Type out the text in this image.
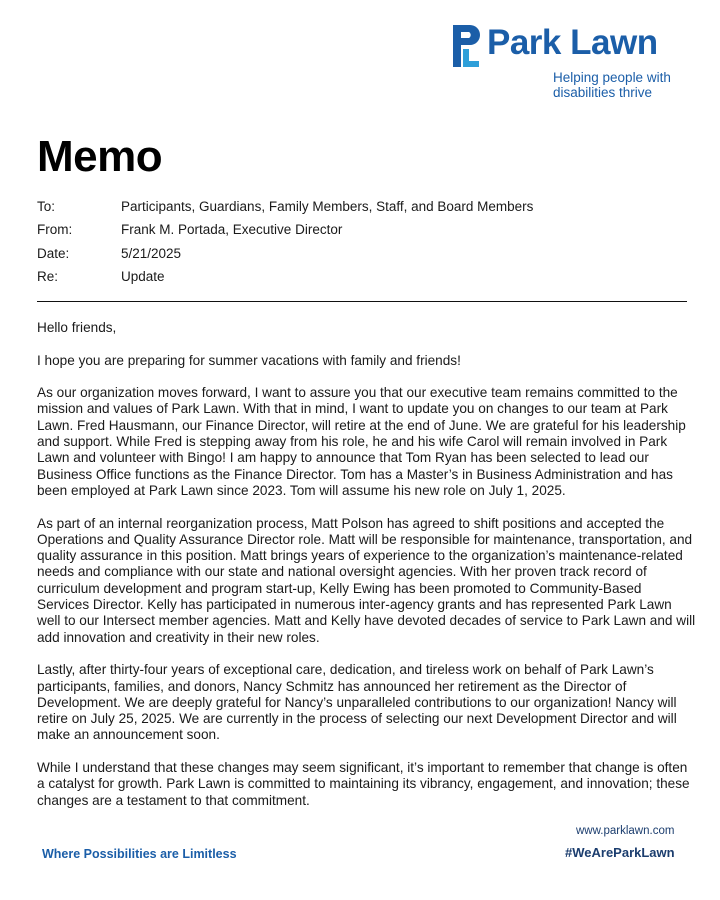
Park Lawn
Helping people with
disabilities thrive
Memo
To:	Participants, Guardians, Family Members, Staff, and Board Members
From:	Frank M. Portada, Executive Director
Date:	5/21/2025
Re:	Update

Hello friends,

I hope you are preparing for summer vacations with family and friends!

As our organization moves forward, I want to assure you that our executive team remains committed to the mission and values of Park Lawn. With that in mind, I want to update you on changes to our team at Park Lawn. Fred Hausmann, our Finance Director, will retire at the end of June. We are grateful for his leadership and support. While Fred is stepping away from his role, he and his wife Carol will remain involved in Park Lawn and volunteer with Bingo! I am happy to announce that Tom Ryan has been selected to lead our Business Office functions as the Finance Director. Tom has a Master’s in Business Administration and has been employed at Park Lawn since 2023. Tom will assume his new role on July 1, 2025.

As part of an internal reorganization process, Matt Polson has agreed to shift positions and accepted the Operations and Quality Assurance Director role. Matt will be responsible for maintenance, transportation, and quality assurance in this position. Matt brings years of experience to the organization’s maintenance-related needs and compliance with our state and national oversight agencies. With her proven track record of curriculum development and program start-up, Kelly Ewing has been promoted to Community-Based Services Director. Kelly has participated in numerous inter-agency grants and has represented Park Lawn well to our Intersect member agencies. Matt and Kelly have devoted decades of service to Park Lawn and will add innovation and creativity in their new roles.

Lastly, after thirty-four years of exceptional care, dedication, and tireless work on behalf of Park Lawn’s participants, families, and donors, Nancy Schmitz has announced her retirement as the Director of Development. We are deeply grateful for Nancy’s unparalleled contributions to our organization! Nancy will retire on July 25, 2025. We are currently in the process of selecting our next Development Director and will make an announcement soon.

While I understand that these changes may seem significant, it’s important to remember that change is often a catalyst for growth. Park Lawn is committed to maintaining its vibrancy, engagement, and innovation; these changes are a testament to that commitment.

www.parklawn.com
Where Possibilities are Limitless	#WeAreParkLawn
